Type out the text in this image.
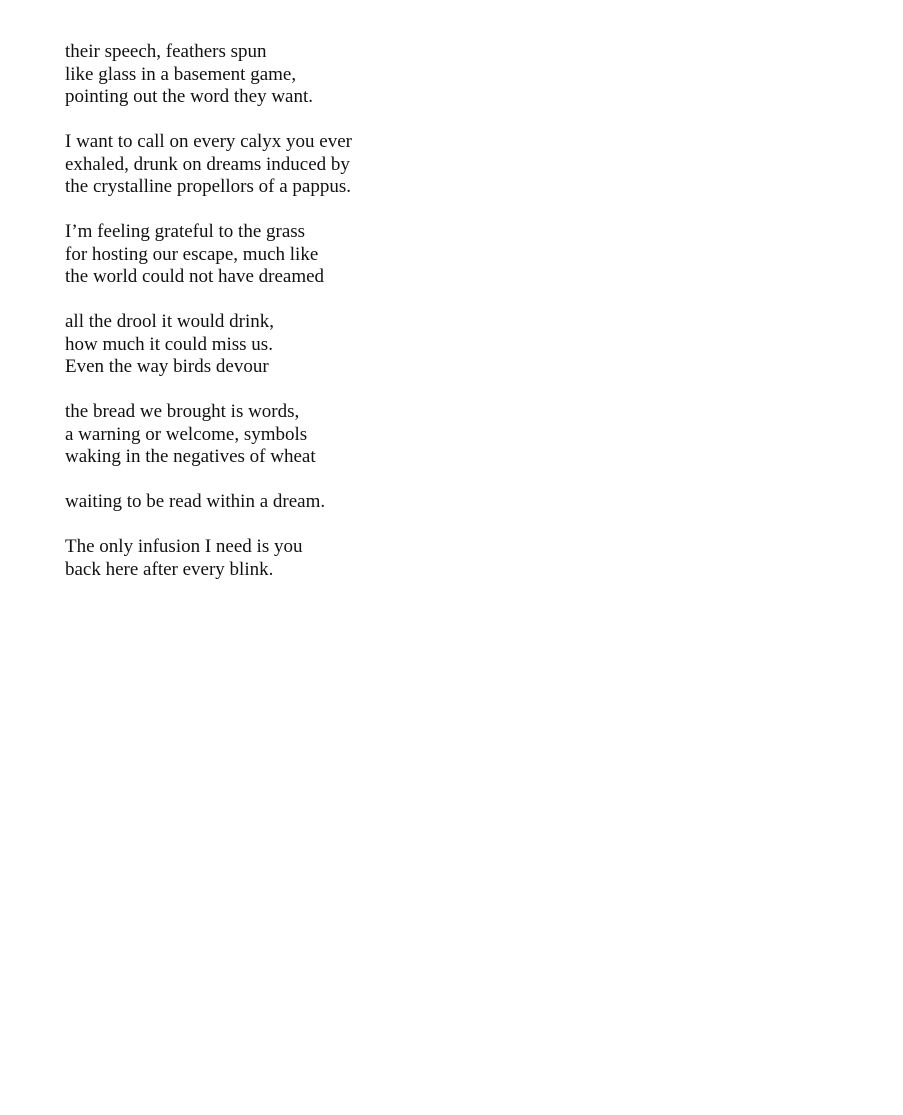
their speech, feathers spun
like glass in a basement game,
pointing out the word they want.
I want to call on every calyx you ever
exhaled, drunk on dreams induced by
the crystalline propellors of a pappus.
I’m feeling grateful to the grass
for hosting our escape, much like
the world could not have dreamed
all the drool it would drink,
how much it could miss us.
Even the way birds devour
the bread we brought is words,
a warning or welcome, symbols
waking in the negatives of wheat
waiting to be read within a dream.
The only infusion I need is you
back here after every blink.
